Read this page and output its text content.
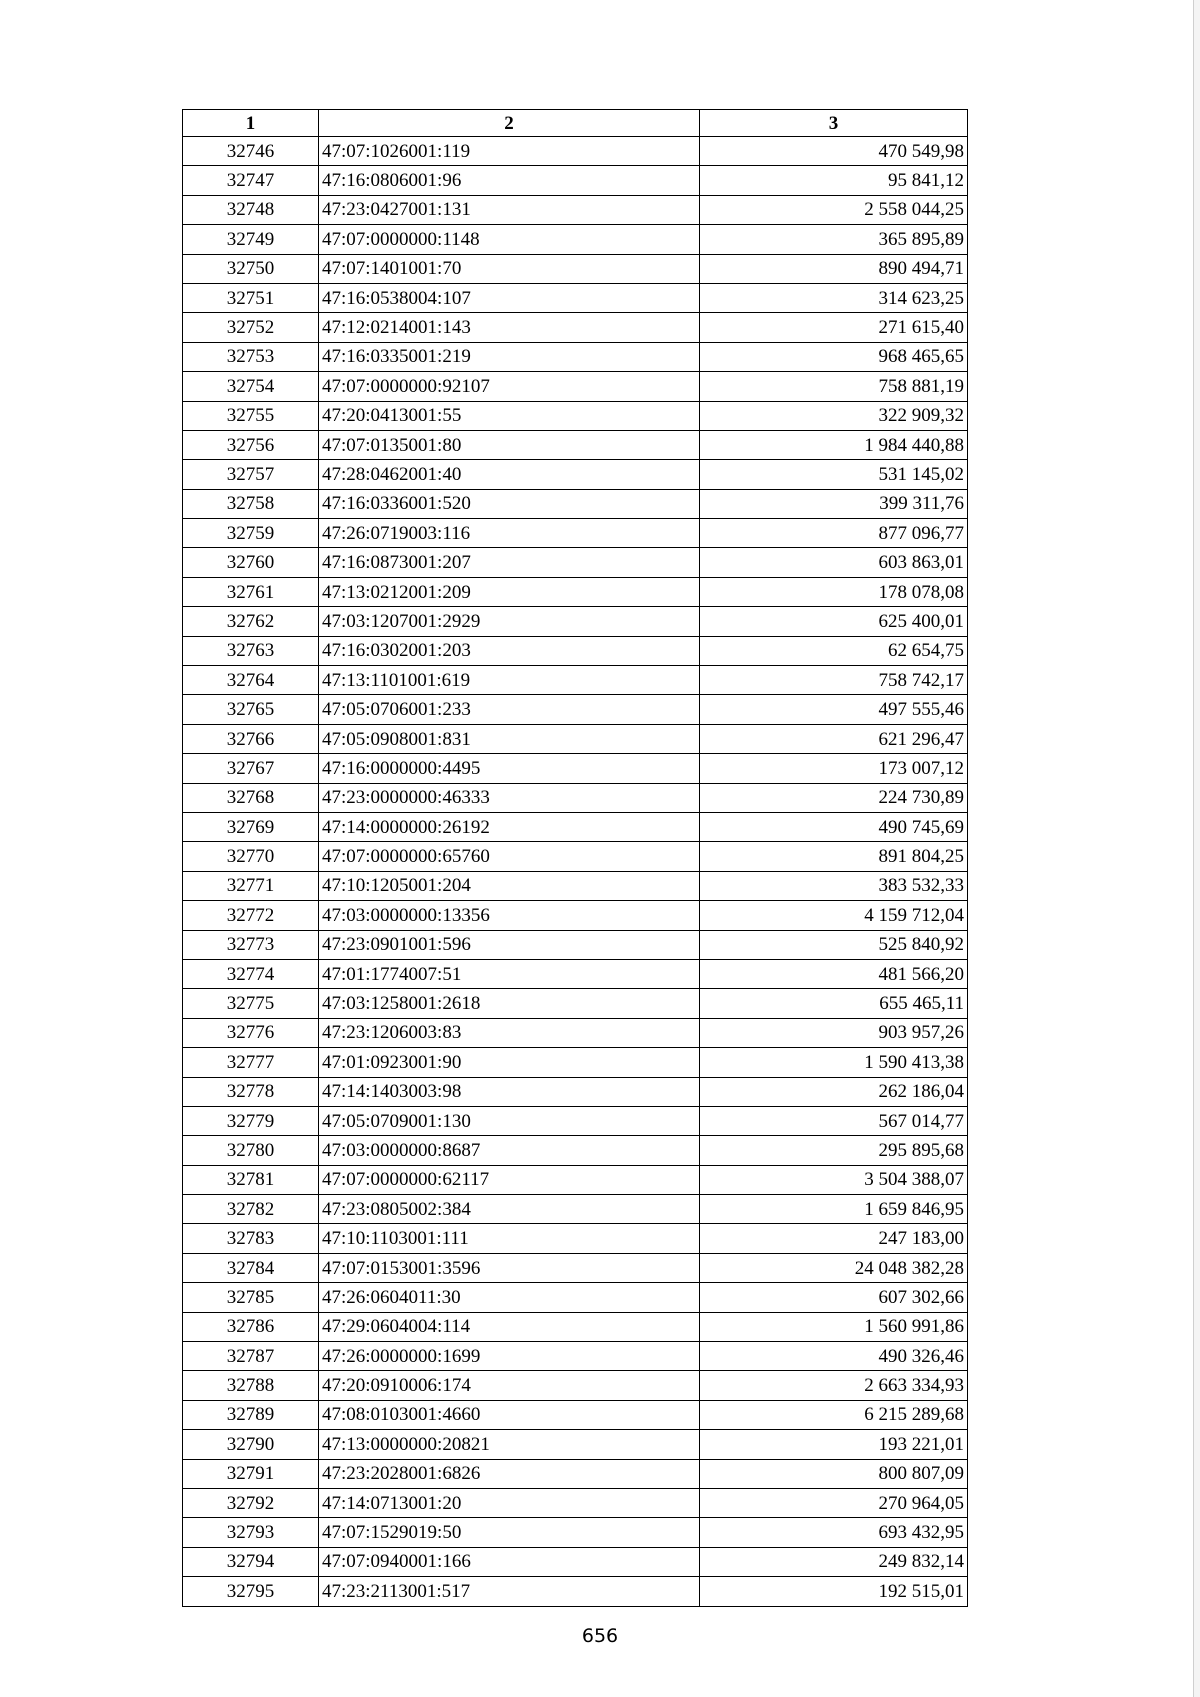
1	2	3
32746	47:07:1026001:119	470 549,98
32747	47:16:0806001:96	95 841,12
32748	47:23:0427001:131	2 558 044,25
32749	47:07:0000000:1148	365 895,89
32750	47:07:1401001:70	890 494,71
32751	47:16:0538004:107	314 623,25
32752	47:12:0214001:143	271 615,40
32753	47:16:0335001:219	968 465,65
32754	47:07:0000000:92107	758 881,19
32755	47:20:0413001:55	322 909,32
32756	47:07:0135001:80	1 984 440,88
32757	47:28:0462001:40	531 145,02
32758	47:16:0336001:520	399 311,76
32759	47:26:0719003:116	877 096,77
32760	47:16:0873001:207	603 863,01
32761	47:13:0212001:209	178 078,08
32762	47:03:1207001:2929	625 400,01
32763	47:16:0302001:203	62 654,75
32764	47:13:1101001:619	758 742,17
32765	47:05:0706001:233	497 555,46
32766	47:05:0908001:831	621 296,47
32767	47:16:0000000:4495	173 007,12
32768	47:23:0000000:46333	224 730,89
32769	47:14:0000000:26192	490 745,69
32770	47:07:0000000:65760	891 804,25
32771	47:10:1205001:204	383 532,33
32772	47:03:0000000:13356	4 159 712,04
32773	47:23:0901001:596	525 840,92
32774	47:01:1774007:51	481 566,20
32775	47:03:1258001:2618	655 465,11
32776	47:23:1206003:83	903 957,26
32777	47:01:0923001:90	1 590 413,38
32778	47:14:1403003:98	262 186,04
32779	47:05:0709001:130	567 014,77
32780	47:03:0000000:8687	295 895,68
32781	47:07:0000000:62117	3 504 388,07
32782	47:23:0805002:384	1 659 846,95
32783	47:10:1103001:111	247 183,00
32784	47:07:0153001:3596	24 048 382,28
32785	47:26:0604011:30	607 302,66
32786	47:29:0604004:114	1 560 991,86
32787	47:26:0000000:1699	490 326,46
32788	47:20:0910006:174	2 663 334,93
32789	47:08:0103001:4660	6 215 289,68
32790	47:13:0000000:20821	193 221,01
32791	47:23:2028001:6826	800 807,09
32792	47:14:0713001:20	270 964,05
32793	47:07:1529019:50	693 432,95
32794	47:07:0940001:166	249 832,14
32795	47:23:2113001:517	192 515,01
656
